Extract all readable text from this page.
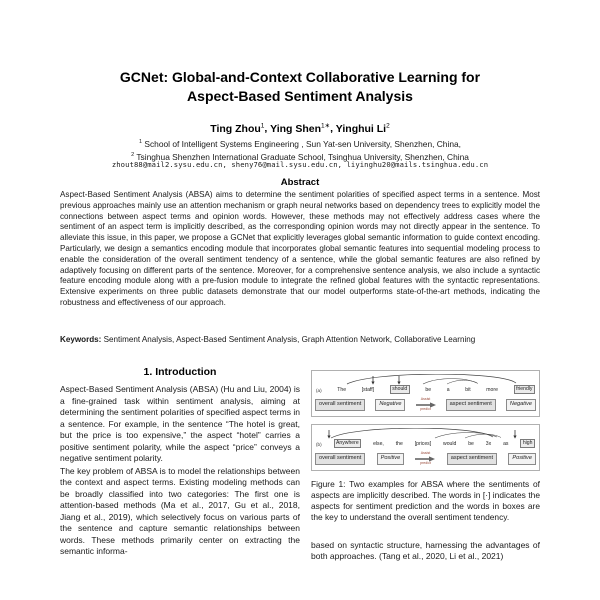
GCNet: Global-and-Context Collaborative Learning for
Aspect-Based Sentiment Analysis
Ting Zhou$^1$, Ying Shen$^{1∗}$, Yinghui Li$^2$
$^1$ School of Intelligent Systems Engineering , Sun Yat-sen University, Shenzhen, China,
$^2$ Tsinghua Shenzhen International Graduate School, Tsinghua University, Shenzhen, China
zhout88@mail2.sysu.edu.cn, sheny76@mail.sysu.edu.cn, liyinghu20@mails.tsinghua.edu.cn
Abstract
Aspect-Based Sentiment Analysis (ABSA) aims to determine the sentiment polarities of specified aspect terms in a sentence. Most previous approaches mainly use an attention mechanism or graph neural networks based on dependency trees to explicitly model the connections between aspect terms and opinion words. However, these methods may not effectively address cases where the sentiment of an aspect term is implicitly described, as the corresponding opinion words may not directly appear in the sentence. To alleviate this issue, in this paper, we propose a GCNet that explicitly leverages global semantic information to guide context encoding. Particularly, we design a semantics encoding module that incorporates global semantic features into sequential modeling process to enable the consideration of the overall sentiment tendency of a sentence, while the global semantic features are also refined by adaptively focusing on different parts of the sentence. Moreover, for a comprehensive sentence analysis, we also include a syntactic feature encoding module along with a pre-fusion module to integrate the refined global features with the syntactic representations. Extensive experiments on three public datasets demonstrate that our model outperforms state-of-the-art methods, indicating the robustness and effectiveness of our approach.
Keywords: Sentiment Analysis, Aspect-Based Sentiment Analysis, Graph Attention Network, Collaborative Learning
1. Introduction

Aspect-Based Sentiment Analysis (ABSA) (Hu and Liu, 2004) is a fine-grained task within sentiment analysis, aiming at determining the sentiment polarities of specified aspect terms in a sentence. For example, in the sentence “The hotel is great, but the price is too expensive,” the aspect “hotel” carries a positive sentiment polarity, while the aspect “price” conveys a negative sentiment polarity.

The key problem of ABSA is to model the relationships between the context and aspect terms. Existing modeling methods can be broadly classified into two categories: The first one is attention-based methods (Ma et al., 2017, Gu et al., 2018, Jiang et al., 2019), which selectively focus on various parts of the sentence and capture semantic relationships between words. These methods primarily center on extracting the semantic informa-

(a)	The	[staff]	should	be	a	bit	more	friendly
overall sentiment	Negative
Assist
predict
aspect sentiment	Negative
(b)	Anywhere	else, the [prices] would be 3x as	high
overall sentiment	Positive
Assist
predict
aspect sentiment	Positive
Figure 1: Two examples for ABSA where the sentiments of aspects are implicitly described. The words in [·] indicates the aspects for sentiment prediction and the words in boxes are the key to understand the overall sentiment tendency.

based on syntactic structure, harnessing the advantages of both approaches. (Tang et al., 2020, Li et al., 2021)
